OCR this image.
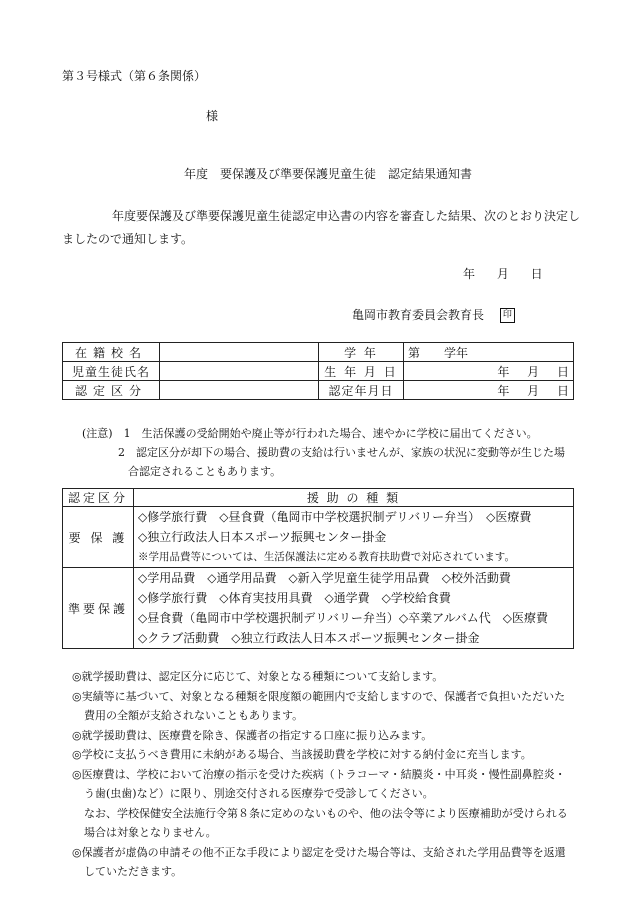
第３号様式（第６条関係）
様
年度　要保護及び準要保護児童生徒　認定結果通知書
年度要保護及び準要保護児童生徒認定申込書の内容を審査した結果、次のとおり決定しましたので通知します。
年 月 日
亀岡市教育委員会教育長 印
在籍校名		学 年	第　　学年
児童生徒氏名		生 年 月 日	年 月 日
認定区分		認定年月日	年 月 日
(注意)　1　生活保護の受給開始や廃止等が行われた場合、速やかに学校に届出てください。
2　認定区分が却下の場合、援助費の支給は行いませんが、家族の状況に変動等が生じた場
合認定されることもあります。
認定区分	援 助 の 種 類
要 保 護	◇修学旅行費　◇昼食費（亀岡市中学校選択制デリバリー弁当）　◇医療費
◇独立行政法人日本スポーツ振興センター掛金
※学用品費等については、生活保護法に定める教育扶助費で対応されています。

準要保護	◇学用品費　◇通学用品費　◇新入学児童生徒学用品費　◇校外活動費
◇修学旅行費　◇体育実技用具費　◇通学費　◇学校給食費
◇昼食費（亀岡市中学校選択制デリバリー弁当）◇卒業アルバム代　◇医療費
◇クラブ活動費　◇独立行政法人日本スポーツ振興センター掛金

◎就学援助費は、認定区分に応じて、対象となる種類について支給します。

◎実績等に基づいて、対象となる種類を限度額の範囲内で支給しますので、保護者で負担いただいた

費用の全額が支給されないこともあります。

◎就学援助費は、医療費を除き、保護者の指定する口座に振り込みます。

◎学校に支払うべき費用に未納がある場合、当該援助費を学校に対する納付金に充当します。

◎医療費は、学校において治療の指示を受けた疾病（トラコーマ・結膜炎・中耳炎・慢性副鼻腔炎・

う歯(虫歯)など）に限り、別途交付される医療券で受診してください。

なお、学校保健安全法施行令第８条に定めのないものや、他の法令等により医療補助が受けられる

場合は対象となりません。

◎保護者が虚偽の申請その他不正な手段により認定を受けた場合等は、支給された学用品費等を返還

していただきます。
